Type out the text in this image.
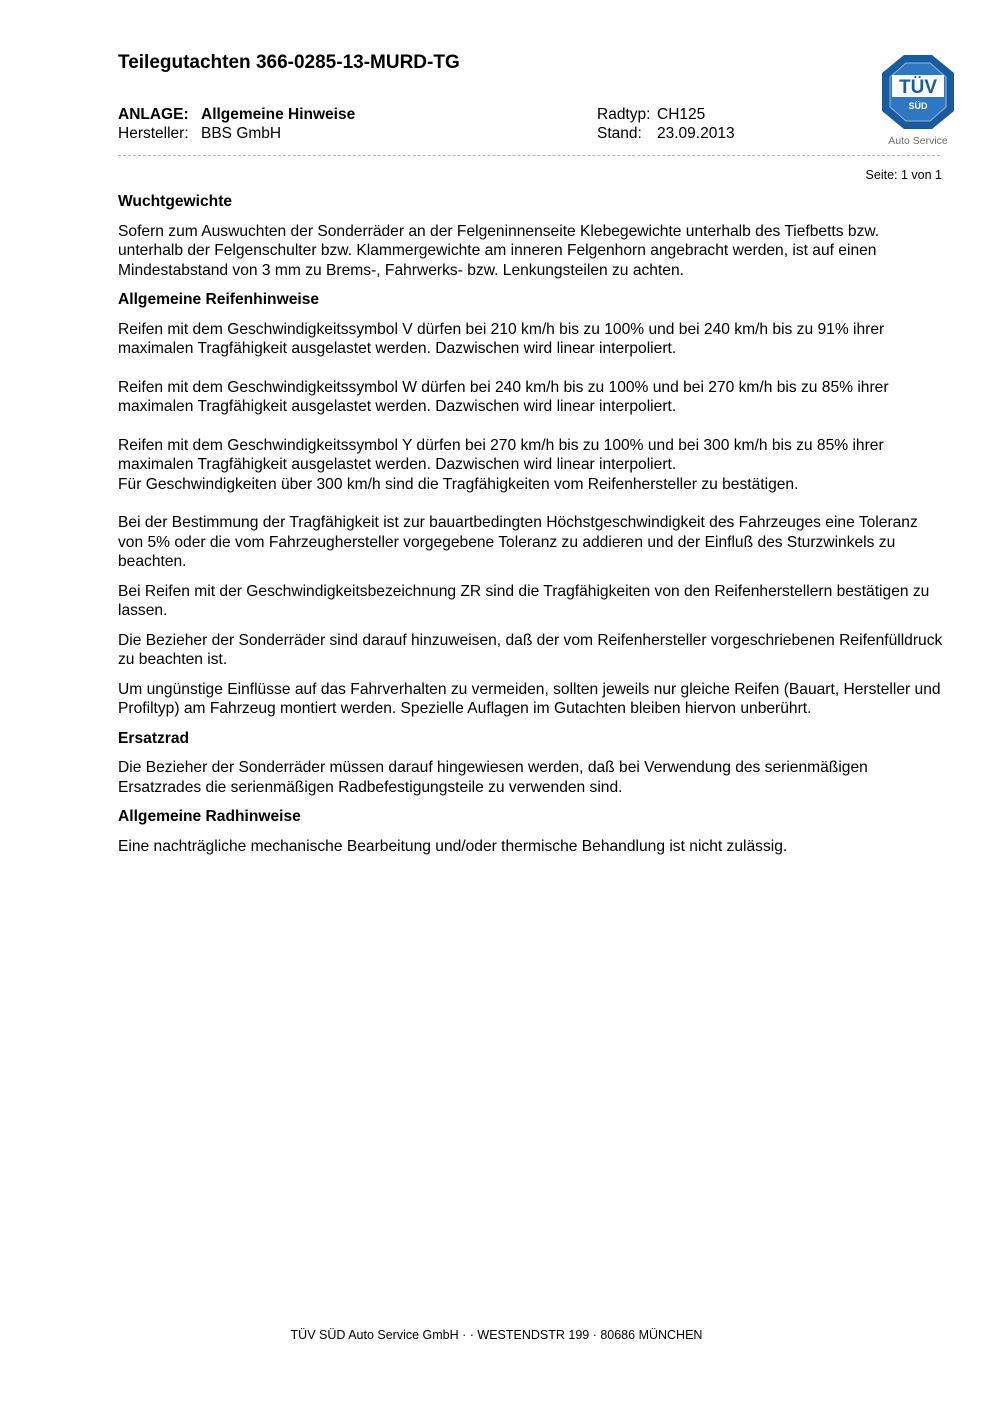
Teilegutachten 366-0285-13-MURD-TG
ANLAGE: Allgemeine Hinweise
Hersteller: BBS GmbH
Radtyp: CH125
Stand: 23.09.2013
TÜV
SÜD
Auto Service
Seite: 1 von 1
Wuchtgewichte

Sofern zum Auswuchten der Sonderräder an der Felgeninnenseite Klebegewichte unterhalb des Tiefbetts bzw. unterhalb der Felgenschulter bzw. Klammergewichte am inneren Felgenhorn angebracht werden, ist auf einen Mindestabstand von 3 mm zu Brems-, Fahrwerks- bzw. Lenkungsteilen zu achten.

Allgemeine Reifenhinweise

Reifen mit dem Geschwindigkeitssymbol V dürfen bei 210 km/h bis zu 100% und bei 240 km/h bis zu 91% ihrer maximalen Tragfähigkeit ausgelastet werden. Dazwischen wird linear interpoliert.

Reifen mit dem Geschwindigkeitssymbol W dürfen bei 240 km/h bis zu 100% und bei 270 km/h bis zu 85% ihrer maximalen Tragfähigkeit ausgelastet werden. Dazwischen wird linear interpoliert.

Reifen mit dem Geschwindigkeitssymbol Y dürfen bei 270 km/h bis zu 100% und bei 300 km/h bis zu 85% ihrer maximalen Tragfähigkeit ausgelastet werden. Dazwischen wird linear interpoliert.

Für Geschwindigkeiten über 300 km/h sind die Tragfähigkeiten vom Reifenhersteller zu bestätigen.

Bei der Bestimmung der Tragfähigkeit ist zur bauartbedingten Höchstgeschwindigkeit des Fahrzeuges eine Toleranz von 5% oder die vom Fahrzeughersteller vorgegebene Toleranz zu addieren und der Einfluß des Sturzwinkels zu beachten.

Bei Reifen mit der Geschwindigkeitsbezeichnung ZR sind die Tragfähigkeiten von den Reifenherstellern bestätigen zu lassen.

Die Bezieher der Sonderräder sind darauf hinzuweisen, daß der vom Reifenhersteller vorgeschriebenen Reifenfülldruck zu beachten ist.

Um ungünstige Einflüsse auf das Fahrverhalten zu vermeiden, sollten jeweils nur gleiche Reifen (Bauart, Hersteller und Profiltyp) am Fahrzeug montiert werden. Spezielle Auflagen im Gutachten bleiben hiervon unberührt.

Ersatzrad

Die Bezieher der Sonderräder müssen darauf hingewiesen werden, daß bei Verwendung des serienmäßigen Ersatzrades die serienmäßigen Radbefestigungsteile zu verwenden sind.

Allgemeine Radhinweise

Eine nachträgliche mechanische Bearbeitung und/oder thermische Behandlung ist nicht zulässig.

TÜV SÜD Auto Service GmbH · · WESTENDSTR 199 · 80686 MÜNCHEN
